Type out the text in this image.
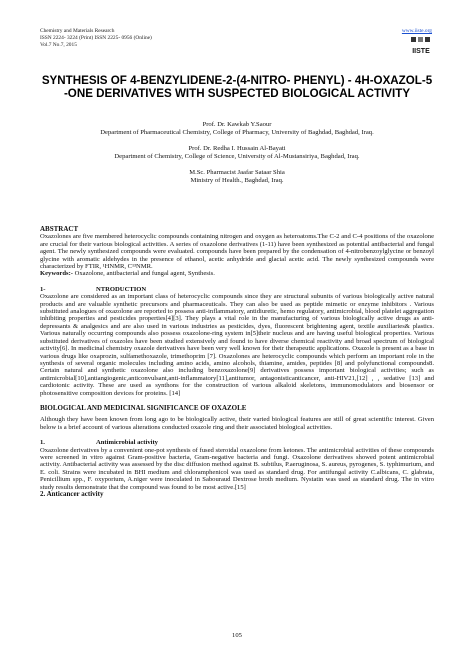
Chemistry and Materials Research
ISSN 2224- 3224 (Print) ISSN 2225- 0956 (Online)
Vol.7 No.7, 2015
www.iiste.org
IISTE
SYNTHESIS OF 4-BENZYLIDENE-2-(4-NITRO- PHENYL) - 4H-OXAZOL-5 -ONE DERIVATIVES WITH SUSPECTED BIOLOGICAL ACTIVITY

Prof. Dr. Kawkab Y.Saour

Department of Pharmaceutical Chemistry, College of Pharmacy, University of Baghdad, Baghdad, Iraq.

Prof. Dr. Redha I. Hussain Al-Bayati

Department of Chemistry, College of Science, University of Al-Mustansiriya, Baghdad, Iraq.

M.Sc. Pharmacist Jaafar Sataar Shia

Ministry of Health., Baghdad, Iraq.

ABSTRACT

Oxazolones are five membered heterocyclic compounds containing nitrogen and oxygen as heteroatoms.The C-2 and C-4 positions of the oxazolone are crucial for their various biological activities. A series of oxazolone derivatives (1-11) have been synthesized as potential antibacterial and fungal agent. The newly synthesized compounds were evaluated. compounds have been prepared by the condensation of 4-nitrobenzoylglycine or benzoyl glycine with aromatic aldehydes in the presence of ethanol, acetic anhydride and glacial acetic acid. The newly synthesized compounds were characterized by FTIR, ¹HNMR, C¹³NMR.

Keywords:- Oxazolone, antibacterial and fungal agent, Synthesis.

1-	NTRODUCTION

Oxazolone are considered as an important class of heterocyclic compounds since they are structural subunits of various biologically active natural products and are valuable synthetic precursors and pharmaceuticals. They can also be used as peptide mimetic or enzyme inhibitors . Various substituted analogues of oxazolone are reported to possess anti-inflammatory, antidiuretic, hemo regulatory, antimicrobial, blood platelet aggregation inhibiting properties and pesticides properties[4][3]. They plays a vital role in the manufacturing of various biologically active drugs as anti-depressants & analgesics and are also used in various industries as pesticides, dyes, fluorescent brightening agent, textile auxiliaries& plastics. Various naturally occurring compounds also possess oxazolone-ring system in[5]their nucleus and are having useful biological properties. Various substituted derivatives of oxazoles have been studied extensively and found to have diverse chemical reactivity and broad spectrum of biological activity[6]. In medicinal chemistry oxazole derivatives have been very well known for their therapeutic applications. Oxazole is present as a base in various drugs like oxaprozin, sulfamethoxazole, trimethoprim [7]. Oxazolones are heterocyclic compounds which perform an important role in the synthesis of several organic molecules including amino acids, amino alcohols, thiamine, amides, peptides [8] and polyfunctional compounds8. Certain natural and synthetic oxazolone also including benzoxazolone[9] derivatives possess important biological activities; such as antimicrobial[10],antiangiogenic,anticonvulsant,anti-inflammatory[11],antitumor, antagonisticanticancer, anti-HIV21,[12] , , sedative [13] and cardiotonic activity. These are used as synthons for the construction of various alkaloid skeletons, immunomodulators and biosensor or photosensitive composition devices for proteins. [14]

BIOLOGICAL AND MEDICINAL SIGNIFICANCE OF OXAZOLE

Although they have been known from long ago to be biologically active, their varied biological features are still of great scientific interest. Given below is a brief account of various alterations conducted oxazole ring and their associated biological activities.

1.	Antimicrobial activity

Oxazolone derivatives by a convenient one-pot synthesis of fused steroidal oxazolone from ketones. The antimicrobial activities of these compounds were screened in vitro against Gram-positive bacteria, Gram-negative bacteria and fungi. Oxazolone derivatives showed potent antimicrobial activity. Antibacterial activity was assessed by the disc diffusion method against B. subtilus, P.aeruginosa, S. aureus, pyrogenes, S. typhimurium, and E. coli. Strains were incubated in BHI medium and chloramphenicol was used as standard drug. For antifungal activity C.albicans, C. glabrata, Penicillium spp., F. oxyporium, A.niger were inoculated in Sabouraud Dextrose broth medium. Nystatin was used as standard drug. The in vitro study results demonstrate that the compound was found to be most active.[15]

2. Anticancer activity

105
